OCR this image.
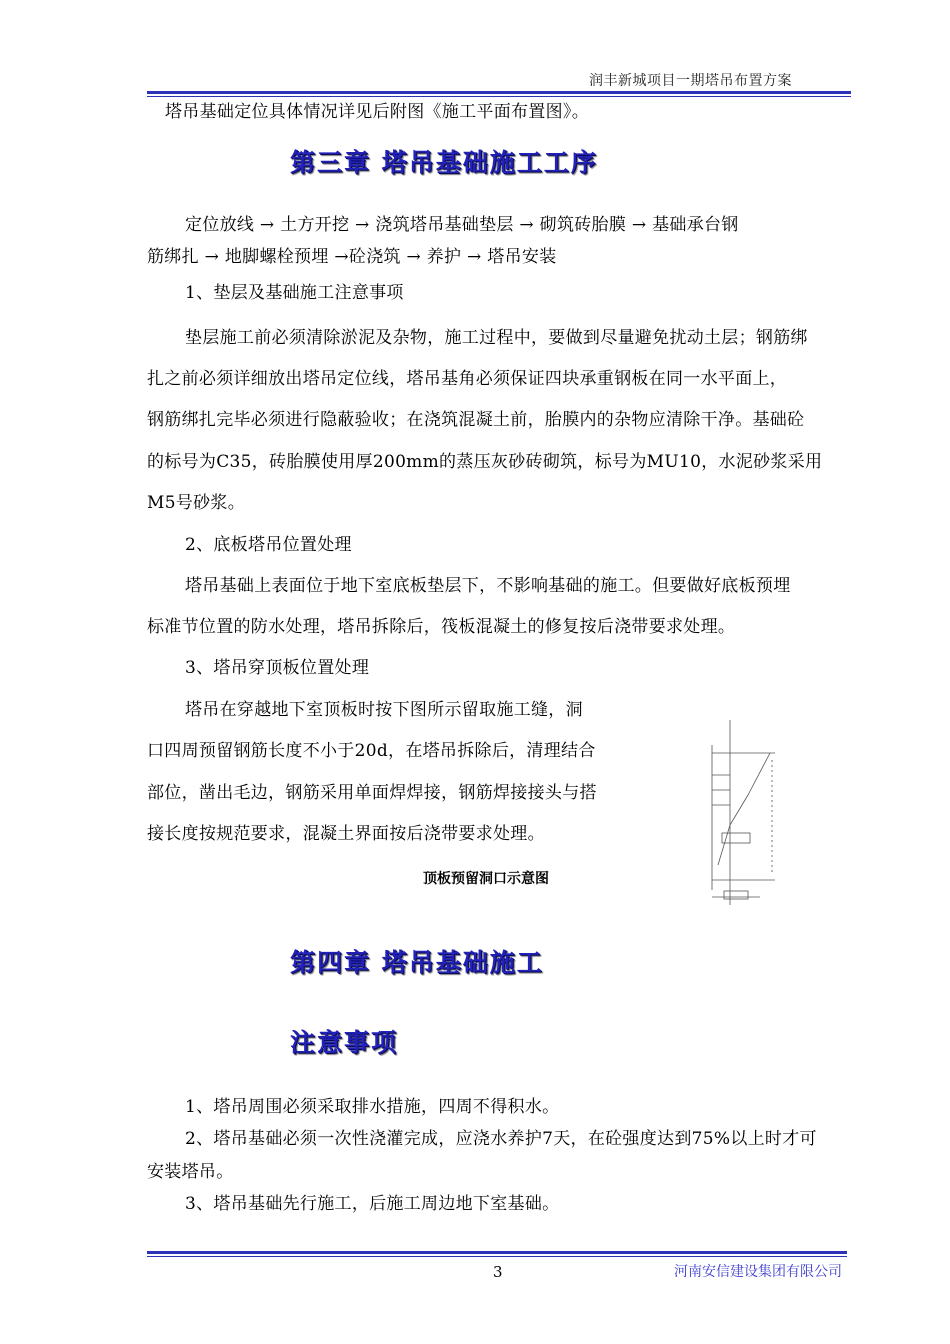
润丰新城项目一期塔吊布置方案
塔吊基础定位具体情况详见后附图《施工平面布置图》。
第三章 塔吊基础施工工序
定位放线 → 土方开挖 → 浇筑塔吊基础垫层 → 砌筑砖胎膜 → 基础承台钢
筋绑扎 → 地脚螺栓预埋 →砼浇筑 → 养护 → 塔吊安装
1、垫层及基础施工注意事项
垫层施工前必须清除淤泥及杂物，施工过程中，要做到尽量避免扰动土层；钢筋绑
扎之前必须详细放出塔吊定位线，塔吊基角必须保证四块承重钢板在同一水平面上，
钢筋绑扎完毕必须进行隐蔽验收；在浇筑混凝土前，胎膜内的杂物应清除干净。基础砼
的标号为C35，砖胎膜使用厚200mm的蒸压灰砂砖砌筑，标号为MU10，水泥砂浆采用
M5号砂浆。
2、底板塔吊位置处理
塔吊基础上表面位于地下室底板垫层下，不影响基础的施工。但要做好底板预埋
标准节位置的防水处理，塔吊拆除后，筏板混凝土的修复按后浇带要求处理。
3、塔吊穿顶板位置处理
塔吊在穿越地下室顶板时按下图所示留取施工缝，洞
口四周预留钢筋长度不小于20d，在塔吊拆除后，清理结合
部位，凿出毛边，钢筋采用单面焊焊接，钢筋焊接接头与搭
接长度按规范要求，混凝土界面按后浇带要求处理。
顶板预留洞口示意图
第四章 塔吊基础施工
注意事项
1、塔吊周围必须采取排水措施，四周不得积水。
2、塔吊基础必须一次性浇灌完成，应浇水养护7天，在砼强度达到75%以上时才可
安装塔吊。
3、塔吊基础先行施工，后施工周边地下室基础。
3	河南安信建设集团有限公司
